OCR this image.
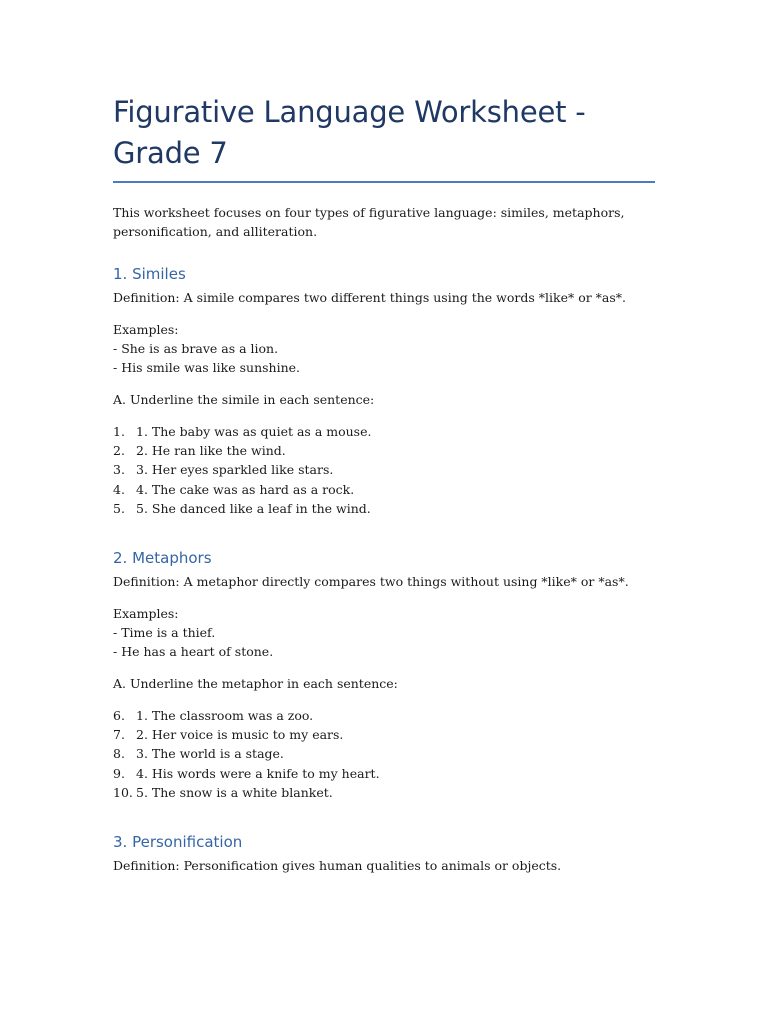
Figurative Language Worksheet - Grade 7

This worksheet focuses on four types of figurative language: similes, metaphors, personification, and alliteration.

1. Similes

Definition: A simile compares two different things using the words *like* or *as*.

Examples:

- She is as brave as a lion.

- His smile was like sunshine.

A. Underline the simile in each sentence:

1. 1. The baby was as quiet as a mouse.
2. 2. He ran like the wind.
3. 3. Her eyes sparkled like stars.
4. 4. The cake was as hard as a rock.
5. 5. She danced like a leaf in the wind.
2. Metaphors

Definition: A metaphor directly compares two things without using *like* or *as*.

Examples:

- Time is a thief.

- He has a heart of stone.

A. Underline the metaphor in each sentence:

6. 1. The classroom was a zoo.
7. 2. Her voice is music to my ears.
8. 3. The world is a stage.
9. 4. His words were a knife to my heart.
10. 5. The snow is a white blanket.
3. Personification

Definition: Personification gives human qualities to animals or objects.
